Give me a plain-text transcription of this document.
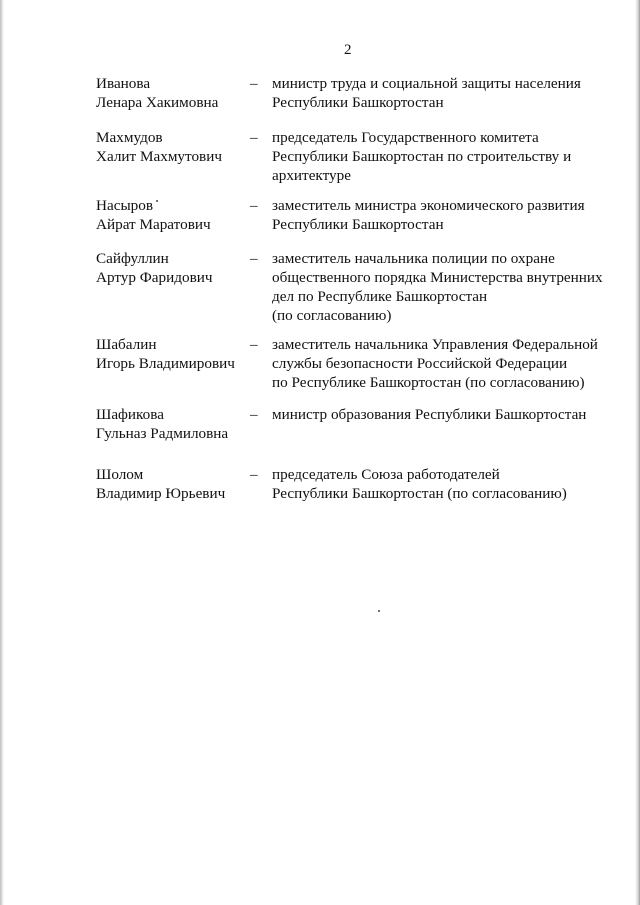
2
Иванова
Ленара Хакимовна
– министр труда и социальной защиты населения
Республики Башкортостан
Махмудов
Халит Махмутович
– председатель Государственного комитета
Республики Башкортостан по строительству и
архитектуре
Насыров
Айрат Маратович
– заместитель министра экономического развития
Республики Башкортостан
Сайфуллин
Артур Фаридович
– заместитель начальника полиции по охране
общественного порядка Министерства внутренних
дел по Республике Башкортостан
(по согласованию)
Шабалин
Игорь Владимирович
– заместитель начальника Управления Федеральной
службы безопасности Российской Федерации
по Республике Башкортостан (по согласованию)
Шафикова
Гульназ Радмиловна
– министр образования Республики Башкортостан
Шолом
Владимир Юрьевич
– председатель Союза работодателей
Республики Башкортостан (по согласованию)
